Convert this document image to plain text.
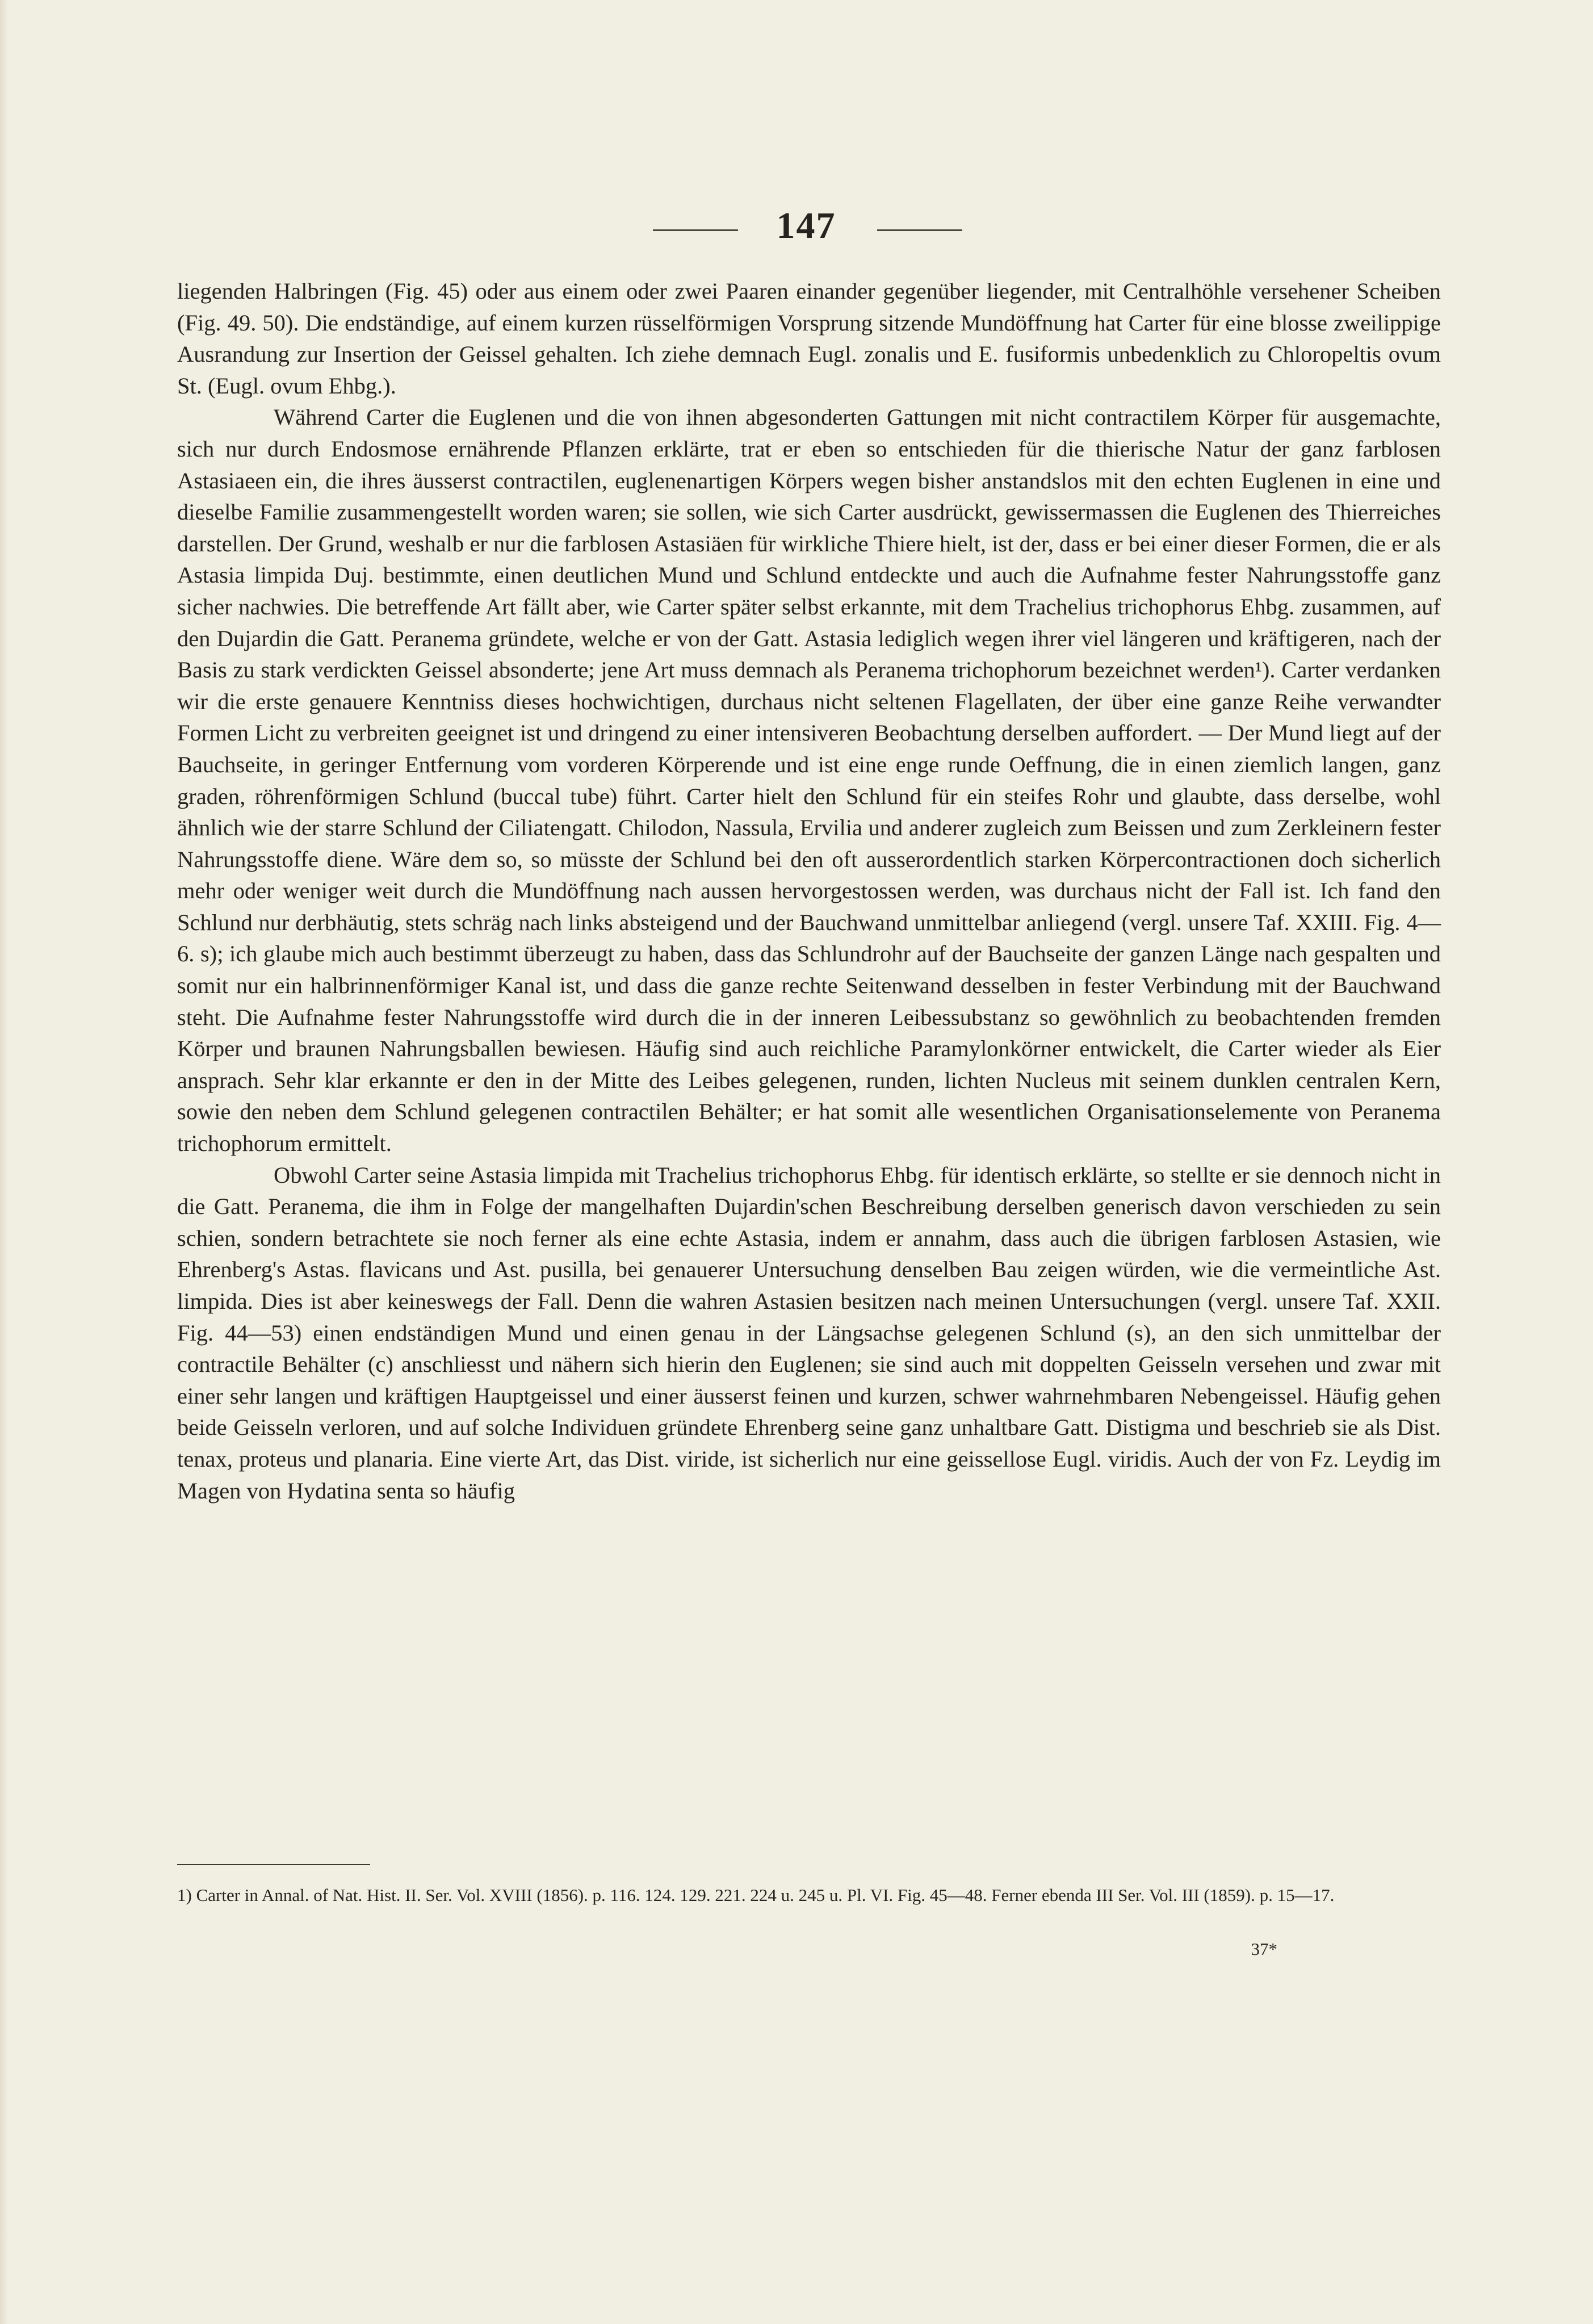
147

liegenden Halbringen (Fig. 45) oder aus einem oder zwei Paaren einander gegenüber liegender, mit Centralhöhle versehener Scheiben (Fig. 49. 50). Die endständige, auf einem kurzen rüsselförmigen Vorsprung sitzende Mundöffnung hat Carter für eine blosse zweilippige Ausrandung zur Insertion der Geissel gehalten. Ich ziehe demnach Eugl. zonalis und E. fusiformis unbedenklich zu Chloropeltis ovum St. (Eugl. ovum Ehbg.).

Während Carter die Euglenen und die von ihnen abgesonderten Gattungen mit nicht contractilem Körper für ausgemachte, sich nur durch Endosmose ernährende Pflanzen erklärte, trat er eben so entschieden für die thierische Natur der ganz farblosen Astasiaeen ein, die ihres äusserst contractilen, euglenenartigen Körpers wegen bisher anstandslos mit den echten Euglenen in eine und dieselbe Familie zusammengestellt worden waren; sie sollen, wie sich Carter ausdrückt, gewissermassen die Euglenen des Thierreiches darstellen. Der Grund, weshalb er nur die farblosen Astasiäen für wirkliche Thiere hielt, ist der, dass er bei einer dieser Formen, die er als Astasia limpida Duj. bestimmte, einen deutlichen Mund und Schlund entdeckte und auch die Aufnahme fester Nahrungsstoffe ganz sicher nachwies. Die betreffende Art fällt aber, wie Carter später selbst erkannte, mit dem Trachelius trichophorus Ehbg. zusammen, auf den Dujardin die Gatt. Peranema gründete, welche er von der Gatt. Astasia lediglich wegen ihrer viel längeren und kräftigeren, nach der Basis zu stark verdickten Geissel absonderte; jene Art muss demnach als Peranema trichophorum bezeichnet werden¹). Carter verdanken wir die erste genauere Kenntniss dieses hochwichtigen, durchaus nicht seltenen Flagellaten, der über eine ganze Reihe verwandter Formen Licht zu verbreiten geeignet ist und dringend zu einer intensiveren Beobachtung derselben auffordert. — Der Mund liegt auf der Bauchseite, in geringer Entfernung vom vorderen Körperende und ist eine enge runde Oeffnung, die in einen ziemlich langen, ganz graden, röhrenförmigen Schlund (buccal tube) führt. Carter hielt den Schlund für ein steifes Rohr und glaubte, dass derselbe, wohl ähnlich wie der starre Schlund der Ciliatengatt. Chilodon, Nassula, Ervilia und anderer zugleich zum Beissen und zum Zerkleinern fester Nahrungsstoffe diene. Wäre dem so, so müsste der Schlund bei den oft ausserordentlich starken Körpercontractionen doch sicherlich mehr oder weniger weit durch die Mundöffnung nach aussen hervorgestossen werden, was durchaus nicht der Fall ist. Ich fand den Schlund nur derbhäutig, stets schräg nach links absteigend und der Bauchwand unmittelbar anliegend (vergl. unsere Taf. XXIII. Fig. 4—6. s); ich glaube mich auch bestimmt überzeugt zu haben, dass das Schlundrohr auf der Bauchseite der ganzen Länge nach gespalten und somit nur ein halbrinnenförmiger Kanal ist, und dass die ganze rechte Seitenwand desselben in fester Verbindung mit der Bauchwand steht. Die Aufnahme fester Nahrungsstoffe wird durch die in der inneren Leibessubstanz so gewöhnlich zu beobachtenden fremden Körper und braunen Nahrungsballen bewiesen. Häufig sind auch reichliche Paramylonkörner entwickelt, die Carter wieder als Eier ansprach. Sehr klar erkannte er den in der Mitte des Leibes gelegenen, runden, lichten Nucleus mit seinem dunklen centralen Kern, sowie den neben dem Schlund gelegenen contractilen Behälter; er hat somit alle wesentlichen Organisationselemente von Peranema trichophorum ermittelt.

Obwohl Carter seine Astasia limpida mit Trachelius trichophorus Ehbg. für identisch erklärte, so stellte er sie dennoch nicht in die Gatt. Peranema, die ihm in Folge der mangelhaften Dujardin'schen Beschreibung derselben generisch davon verschieden zu sein schien, sondern betrachtete sie noch ferner als eine echte Astasia, indem er annahm, dass auch die übrigen farblosen Astasien, wie Ehrenberg's Astas. flavicans und Ast. pusilla, bei genauerer Untersuchung denselben Bau zeigen würden, wie die vermeintliche Ast. limpida. Dies ist aber keineswegs der Fall. Denn die wahren Astasien besitzen nach meinen Untersuchungen (vergl. unsere Taf. XXII. Fig. 44—53) einen endständigen Mund und einen genau in der Längsachse gelegenen Schlund (s), an den sich unmittelbar der contractile Behälter (c) anschliesst und nähern sich hierin den Euglenen; sie sind auch mit doppelten Geisseln versehen und zwar mit einer sehr langen und kräftigen Hauptgeissel und einer äusserst feinen und kurzen, schwer wahrnehmbaren Nebengeissel. Häufig gehen beide Geisseln verloren, und auf solche Individuen gründete Ehrenberg seine ganz unhaltbare Gatt. Distigma und beschrieb sie als Dist. tenax, proteus und planaria. Eine vierte Art, das Dist. viride, ist sicherlich nur eine geissellose Eugl. viridis. Auch der von Fz. Leydig im Magen von Hydatina senta so häufig

1) Carter in Annal. of Nat. Hist. II. Ser. Vol. XVIII (1856). p. 116. 124. 129. 221. 224 u. 245 u. Pl. VI. Fig. 45—48. Ferner ebenda III Ser. Vol. III (1859). p. 15—17.

37*
